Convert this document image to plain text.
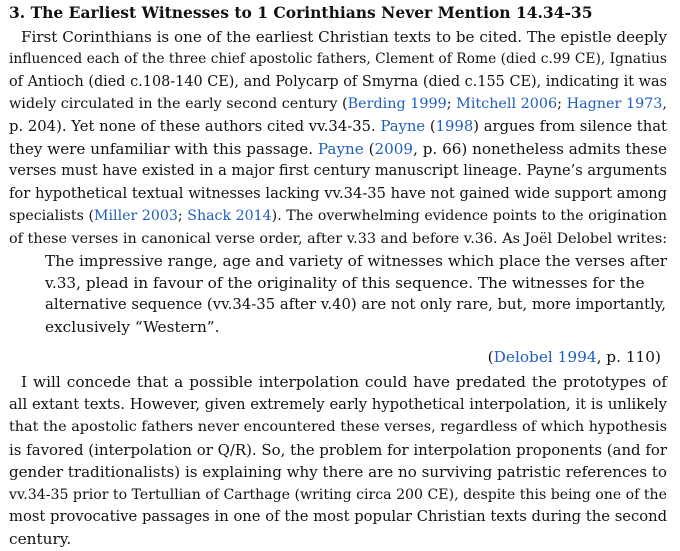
3. The Earliest Witnesses to 1 Corinthians Never Mention 14.34-35
First Corinthians is one of the earliest Christian texts to be cited. The epistle deeply
influenced each of the three chief apostolic fathers, Clement of Rome (died c.99 CE), Ignatius
of Antioch (died c.108-140 CE), and Polycarp of Smyrna (died c.155 CE), indicating it was
widely circulated in the early second century (Berding 1999; Mitchell 2006; Hagner 1973,
p. 204). Yet none of these authors cited vv.34-35. Payne (1998) argues from silence that
they were unfamiliar with this passage. Payne (2009, p. 66) nonetheless admits these
verses must have existed in a major first century manuscript lineage. Payne’s arguments
for hypothetical textual witnesses lacking vv.34-35 have not gained wide support among
specialists (Miller 2003; Shack 2014). The overwhelming evidence points to the origination
of these verses in canonical verse order, after v.33 and before v.36. As Joël Delobel writes:
The impressive range, age and variety of witnesses which place the verses after
v.33, plead in favour of the originality of this sequence. The witnesses for the
alternative sequence (vv.34-35 after v.40) are not only rare, but, more importantly,
exclusively “Western”.
(Delobel 1994, p. 110)
I will concede that a possible interpolation could have predated the prototypes of
all extant texts. However, given extremely early hypothetical interpolation, it is unlikely
that the apostolic fathers never encountered these verses, regardless of which hypothesis
is favored (interpolation or Q/R). So, the problem for interpolation proponents (and for
gender traditionalists) is explaining why there are no surviving patristic references to
vv.34-35 prior to Tertullian of Carthage (writing circa 200 CE), despite this being one of the
most provocative passages in one of the most popular Christian texts during the second
century.
